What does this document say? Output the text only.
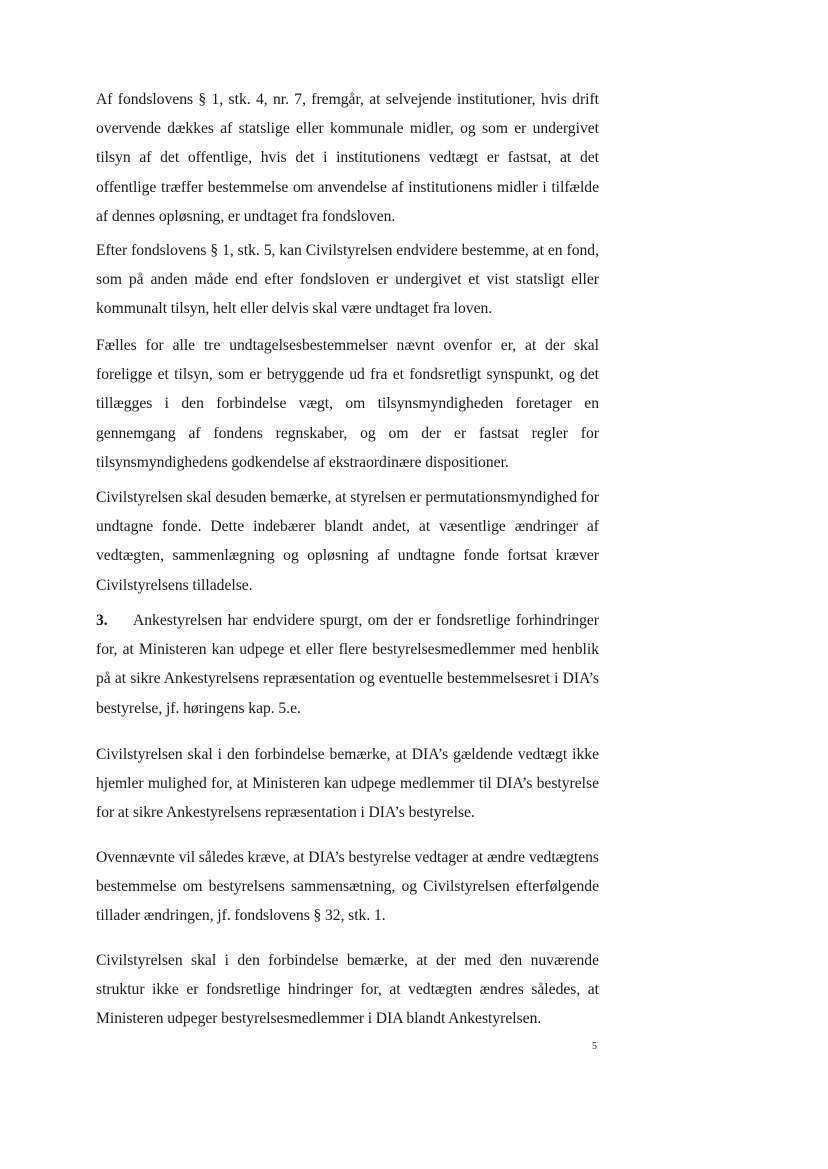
Af fondslovens § 1, stk. 4, nr. 7, fremgår, at selvejende institutioner, hvis drift overvende dækkes af statslige eller kommunale midler, og som er undergivet tilsyn af det offentlige, hvis det i institutionens vedtægt er fastsat, at det offentlige træffer bestemmelse om anvendelse af institutionens midler i tilfælde af dennes opløsning, er undtaget fra fondsloven.

Efter fondslovens § 1, stk. 5, kan Civilstyrelsen endvidere bestemme, at en fond, som på anden måde end efter fondsloven er undergivet et vist statsligt eller kommunalt tilsyn, helt eller delvis skal være undtaget fra loven.

Fælles for alle tre undtagelsesbestemmelser nævnt ovenfor er, at der skal foreligge et tilsyn, som er betryggende ud fra et fondsretligt synspunkt, og det tillægges i den forbindelse vægt, om tilsynsmyndigheden foretager en gennemgang af fondens regnskaber, og om der er fastsat regler for tilsynsmyndighedens godkendelse af ekstraordinære dispositioner.

Civilstyrelsen skal desuden bemærke, at styrelsen er permutationsmyndighed for undtagne fonde. Dette indebærer blandt andet, at væsentlige ændringer af vedtægten, sammenlægning og opløsning af undtagne fonde fortsat kræver Civilstyrelsens tilladelse.

3. Ankestyrelsen har endvidere spurgt, om der er fondsretlige forhindringer for, at Ministeren kan udpege et eller flere bestyrelsesmedlemmer med henblik på at sikre Ankestyrelsens repræsentation og eventuelle bestemmelsesret i DIA’s bestyrelse, jf. høringens kap. 5.e.

Civilstyrelsen skal i den forbindelse bemærke, at DIA’s gældende vedtægt ikke hjemler mulighed for, at Ministeren kan udpege medlemmer til DIA’s bestyrelse for at sikre Ankestyrelsens repræsentation i DIA’s bestyrelse.

Ovennævnte vil således kræve, at DIA’s bestyrelse vedtager at ændre vedtægtens bestemmelse om bestyrelsens sammensætning, og Civilstyrelsen efterfølgende tillader ændringen, jf. fondslovens § 32, stk. 1.

Civilstyrelsen skal i den forbindelse bemærke, at der med den nuværende struktur ikke er fondsretlige hindringer for, at vedtægten ændres således, at Ministeren udpeger bestyrelsesmedlemmer i DIA blandt Ankestyrelsen.

5
